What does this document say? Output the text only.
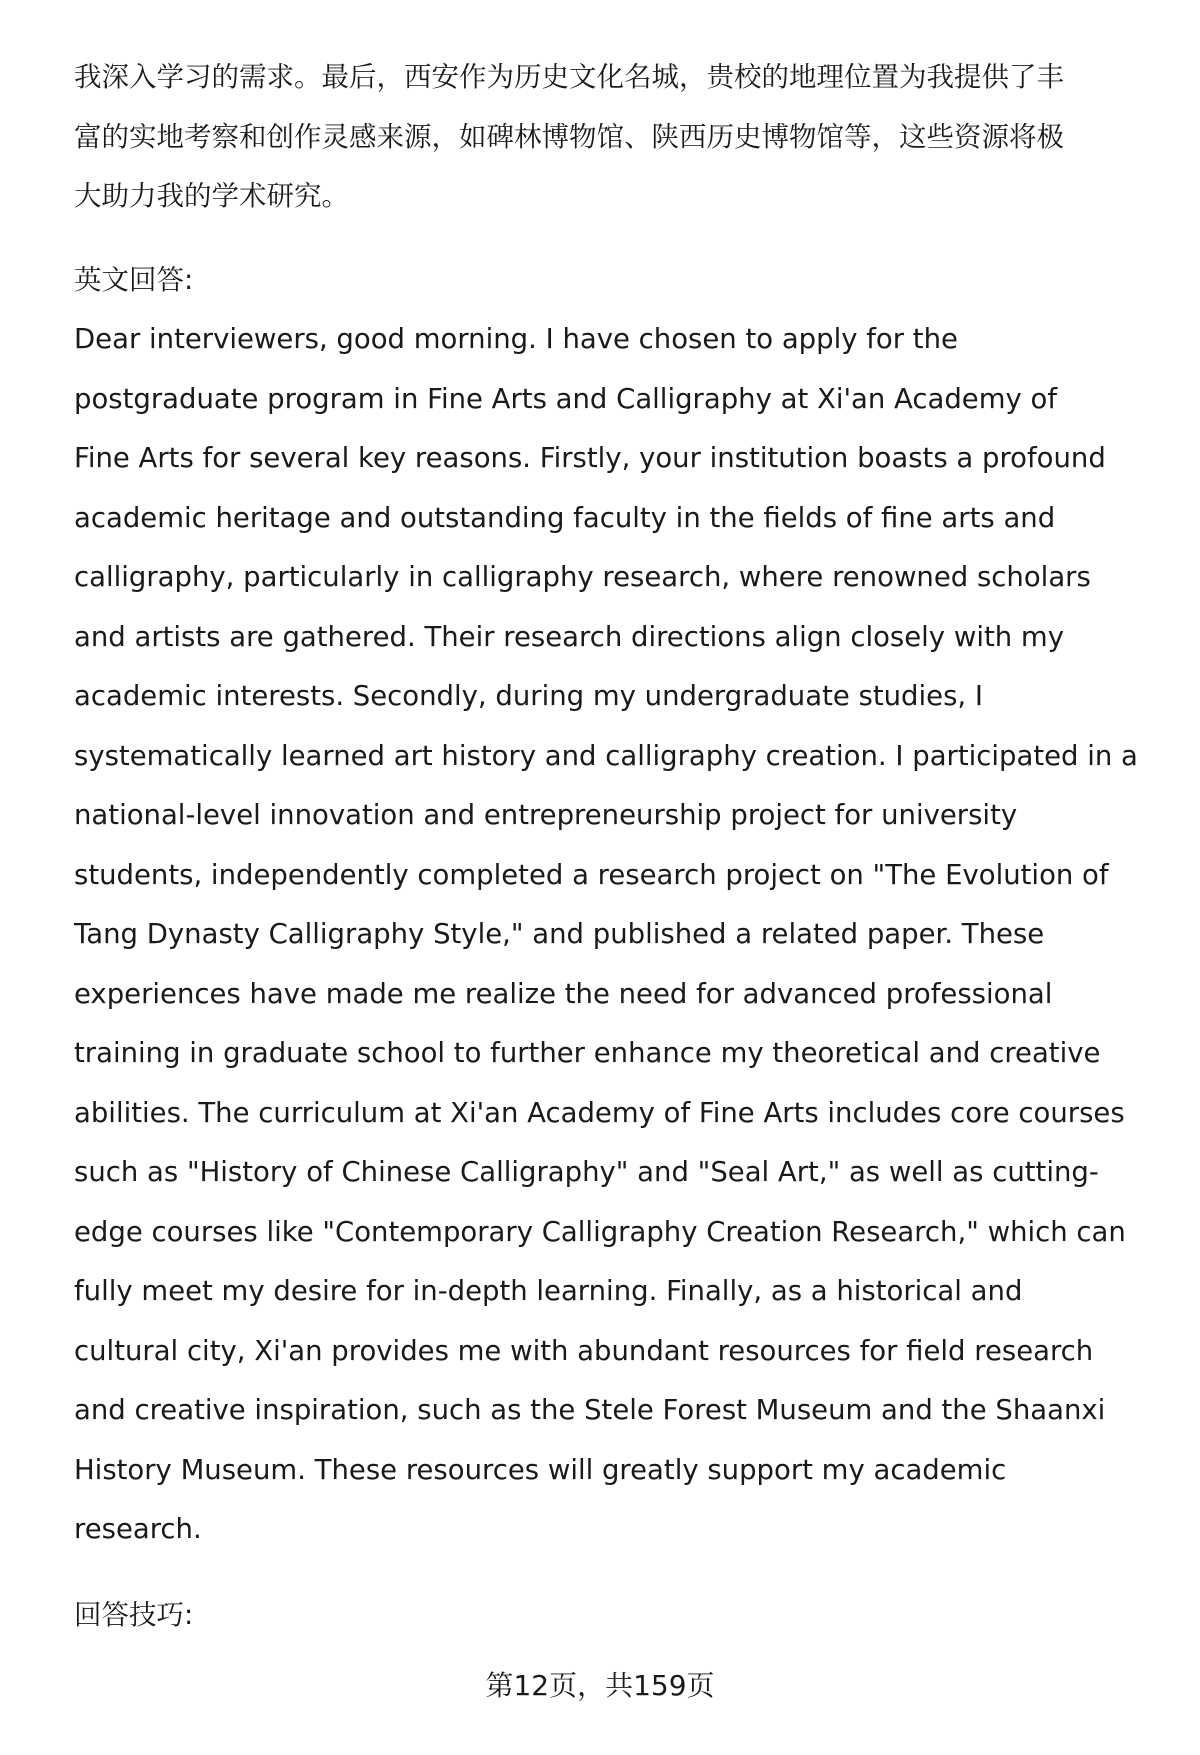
我深入学习的需求。最后，西安作为历史文化名城，贵校的地理位置为我提供了丰
富的实地考察和创作灵感来源，如碑林博物馆、陕西历史博物馆等，这些资源将极
大助力我的学术研究。

英文回答:

Dear interviewers, good morning. I have chosen to apply for the
postgraduate program in Fine Arts and Calligraphy at Xi'an Academy of
Fine Arts for several key reasons. Firstly, your institution boasts a profound
academic heritage and outstanding faculty in the fields of fine arts and
calligraphy, particularly in calligraphy research, where renowned scholars
and artists are gathered. Their research directions align closely with my
academic interests. Secondly, during my undergraduate studies, I
systematically learned art history and calligraphy creation. I participated in a
national-level innovation and entrepreneurship project for university
students, independently completed a research project on "The Evolution of
Tang Dynasty Calligraphy Style," and published a related paper. These
experiences have made me realize the need for advanced professional
training in graduate school to further enhance my theoretical and creative
abilities. The curriculum at Xi'an Academy of Fine Arts includes core courses
such as "History of Chinese Calligraphy" and "Seal Art," as well as cutting-
edge courses like "Contemporary Calligraphy Creation Research," which can
fully meet my desire for in-depth learning. Finally, as a historical and
cultural city, Xi'an provides me with abundant resources for field research
and creative inspiration, such as the Stele Forest Museum and the Shaanxi
History Museum. These resources will greatly support my academic
research.

回答技巧:

第12页，共159页
